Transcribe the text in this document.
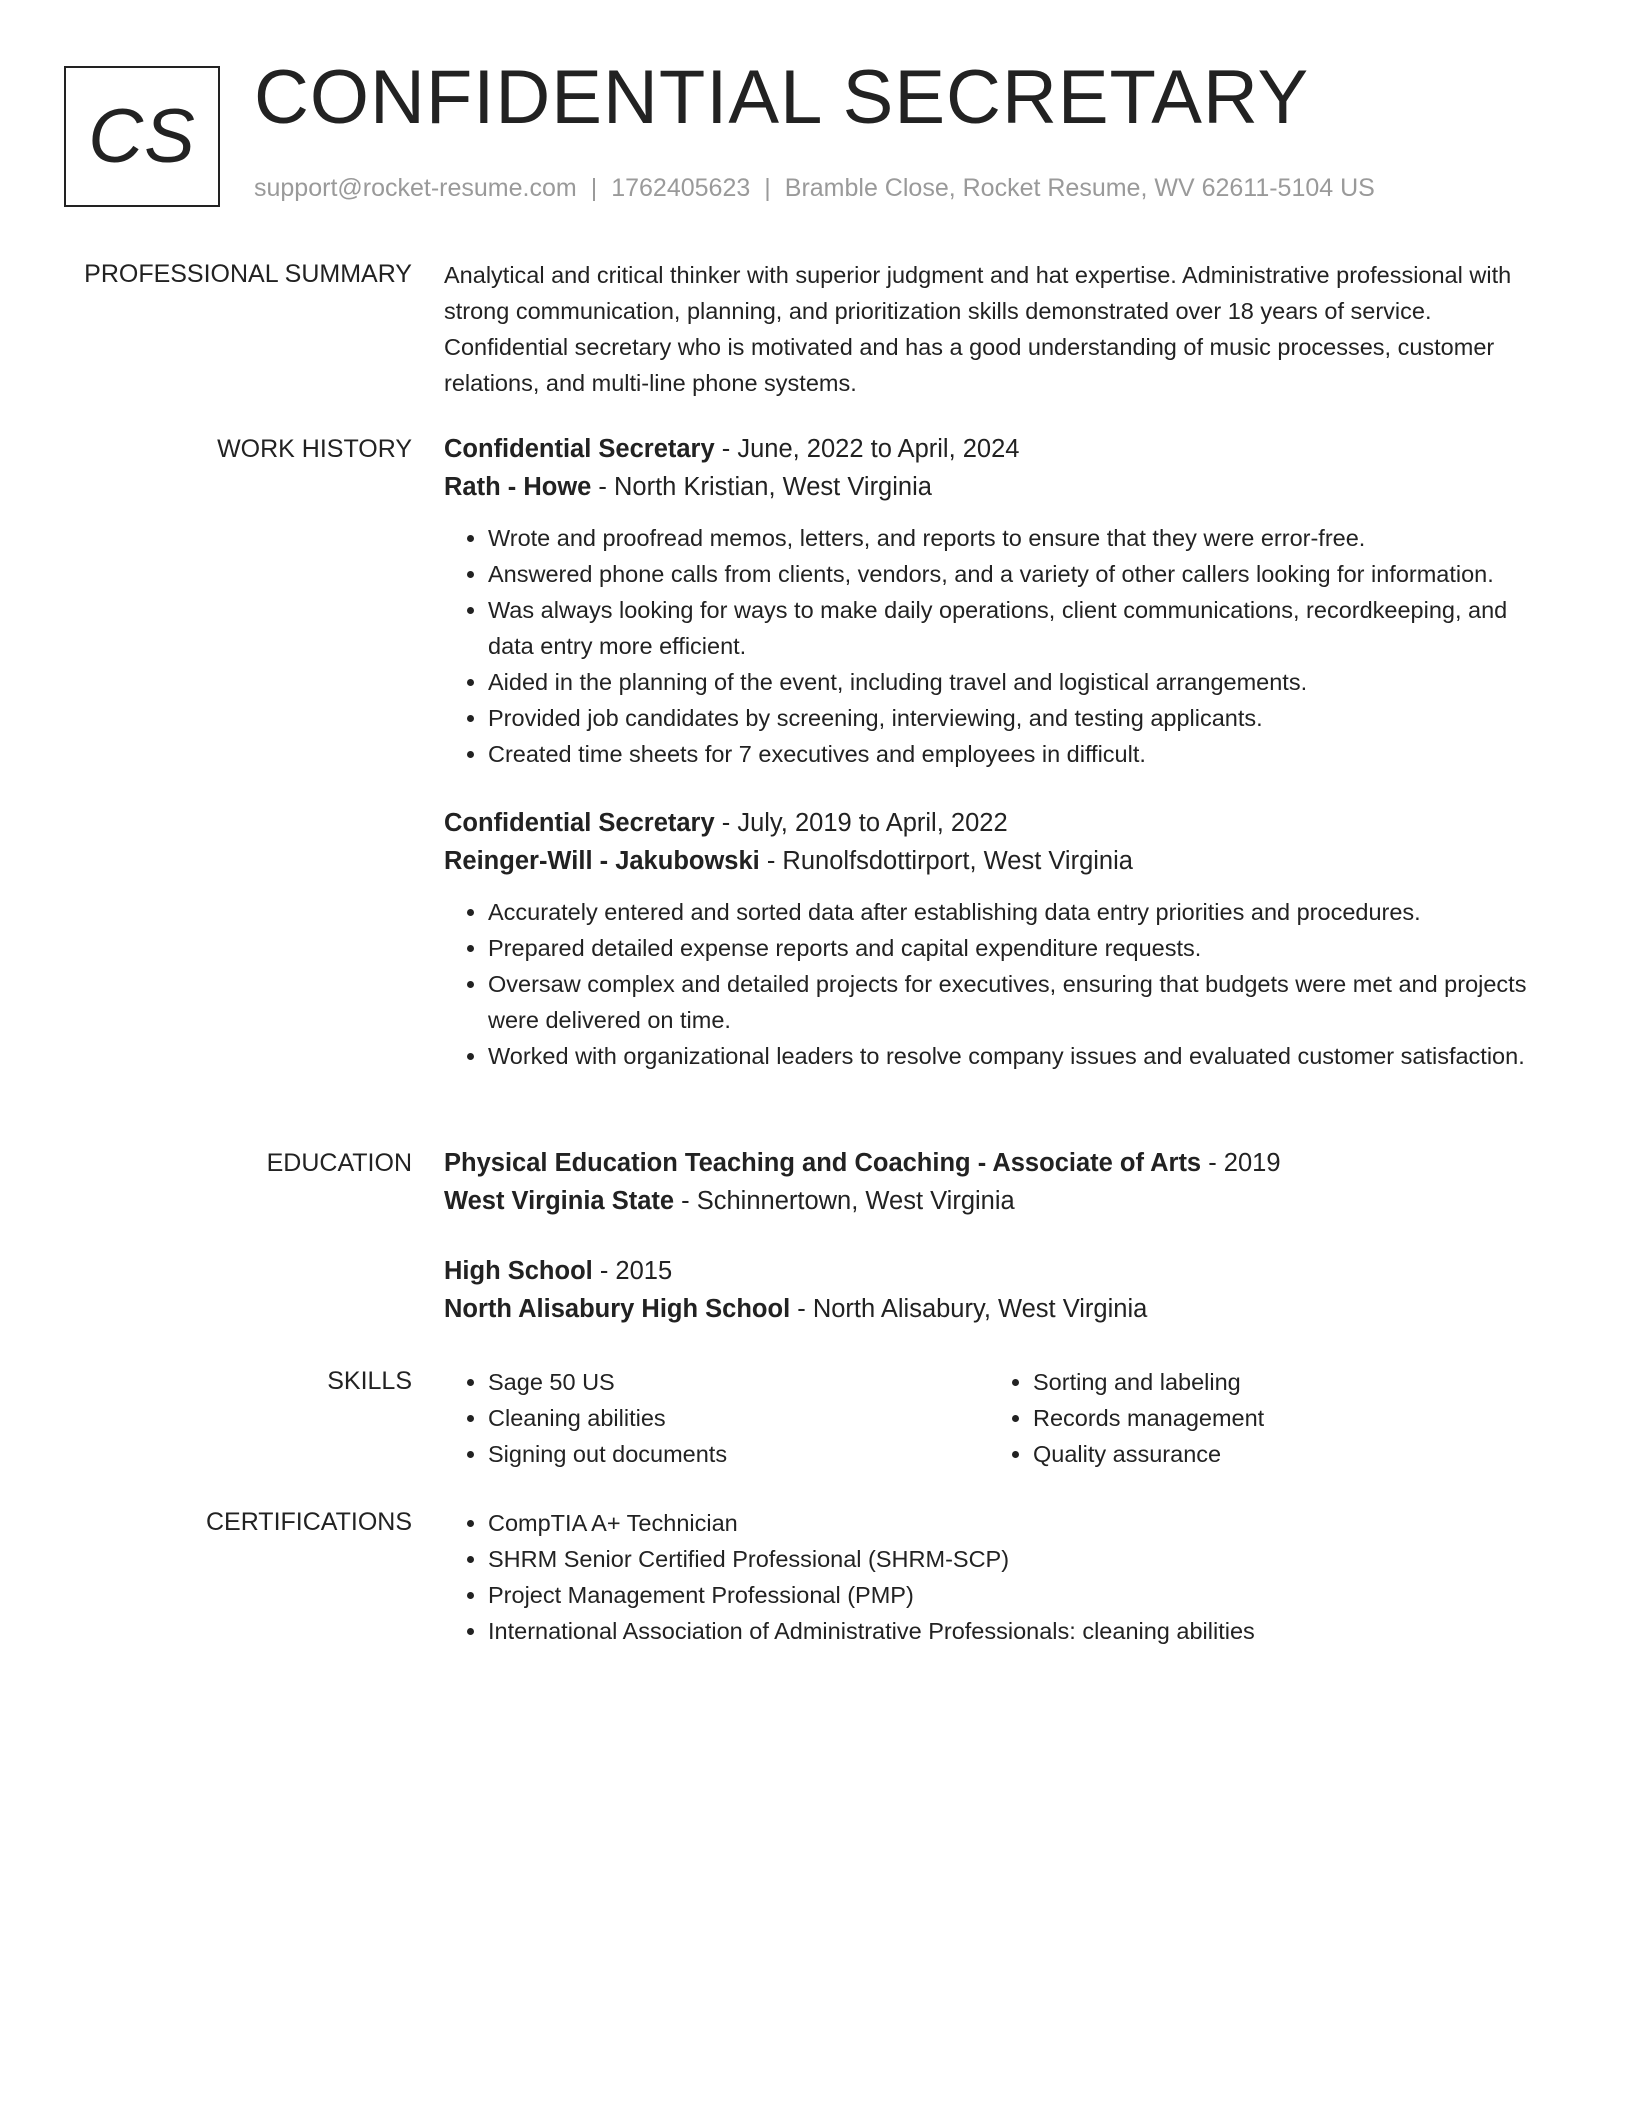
CS CONFIDENTIAL SECRETARY
support@rocket-resume.com | 1762405623 | Bramble Close, Rocket Resume, WV 62611-5104 US
PROFESSIONAL SUMMARY Analytical and critical thinker with superior judgment and hat expertise. Administrative professional with strong communication, planning, and prioritization skills demonstrated over 18 years of service. Confidential secretary who is motivated and has a good understanding of music processes, customer relations, and multi-line phone systems.

WORK HISTORY Confidential Secretary - June, 2022 to April, 2024
Rath - Howe - North Kristian, West Virginia
• Wrote and proofread memos, letters, and reports to ensure that they were error-free.
• Answered phone calls from clients, vendors, and a variety of other callers looking for information.
• Was always looking for ways to make daily operations, client communications, recordkeeping, and data entry more efficient.
• Aided in the planning of the event, including travel and logistical arrangements.
• Provided job candidates by screening, interviewing, and testing applicants.
• Created time sheets for 7 executives and employees in difficult.
Confidential Secretary - July, 2019 to April, 2022
Reinger-Will - Jakubowski - Runolfsdottirport, West Virginia
• Accurately entered and sorted data after establishing data entry priorities and procedures.
• Prepared detailed expense reports and capital expenditure requests.
• Oversaw complex and detailed projects for executives, ensuring that budgets were met and projects were delivered on time.
• Worked with organizational leaders to resolve company issues and evaluated customer satisfaction.
EDUCATION Physical Education Teaching and Coaching - Associate of Arts - 2019
West Virginia State - Schinnertown, West Virginia
High School - 2015
North Alisabury High School - North Alisabury, West Virginia
SKILLS	• Sage 50 US
• Cleaning abilities
• Signing out documents
• Sorting and labeling
• Records management
• Quality assurance
CERTIFICATIONS	• CompTIA A+ Technician
• SHRM Senior Certified Professional (SHRM-SCP)
• Project Management Professional (PMP)
• International Association of Administrative Professionals: cleaning abilities
